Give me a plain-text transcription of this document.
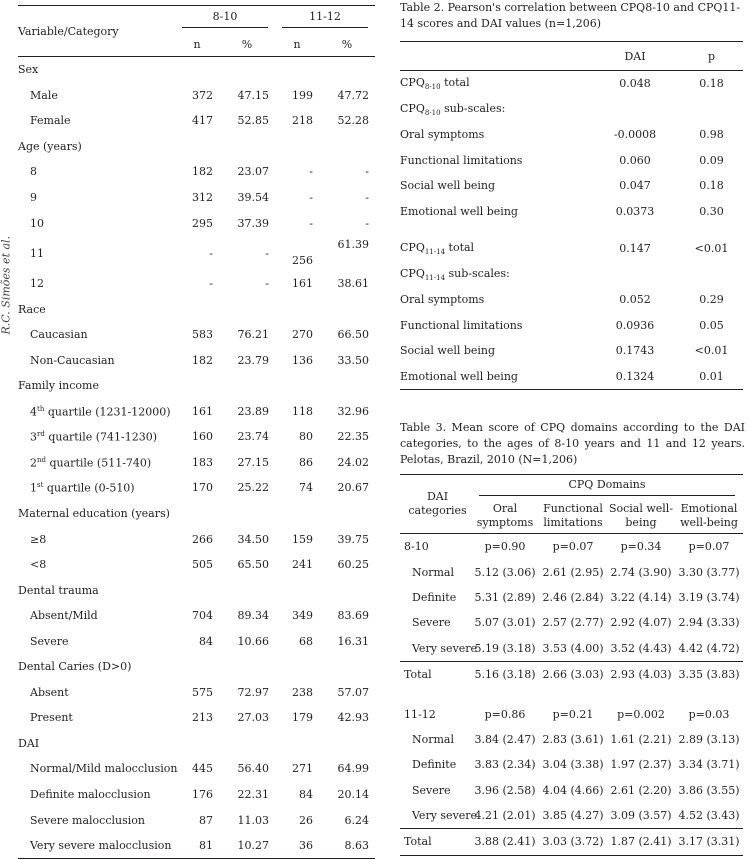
R.C. Simões et al.
Variable/Category	8-10		11-12	
	n	%	n	%
Sex				
Male	372	47.15	199	47.72
Female	417	52.85	218	52.28
Age (years)				
8	182	23.07	-	-
9	312	39.54	-	-
10	295	37.39	-	-
11	-	-	256	61.39
12	-	-	161	38.61
Race				
Caucasian	583	76.21	270	66.50
Non-Caucasian	182	23.79	136	33.50
Family income				
4th quartile (1231-12000)	161	23.89	118	32.96
3rd quartile (741-1230)	160	23.74	80	22.35
2nd quartile (511-740)	183	27.15	86	24.02
1st quartile (0-510)	170	25.22	74	20.67
Maternal education (years)				
≥8	266	34.50	159	39.75
<8	505	65.50	241	60.25
Dental trauma				
Absent/Mild	704	89.34	349	83.69
Severe	84	10.66	68	16.31
Dental Caries (D>0)				
Absent	575	72.97	238	57.07
Present	213	27.03	179	42.93
DAI				
Normal/Mild malocclusion	445	56.40	271	64.99
Definite malocclusion	176	22.31	84	20.14
Severe malocclusion	87	11.03	26	6.24
Very severe malocclusion	81	10.27	36	8.63
Table 2. Pearson's correlation between CPQ8-10 and CPQ11-14 scores and DAI values (n=1,206)
	DAI	p
$CPQ_{8-10}$ total	0.048	0.18
$CPQ_{8-10}$ sub-scales:		
Oral symptoms	-0.0008	0.98
Functional limitations	0.060	0.09
Social well being	0.047	0.18
Emotional well being	0.0373	0.30

$CPQ_{11-14}$ total	0.147	<0.01
$CPQ_{11-14}$ sub-scales:		
Oral symptoms	0.052	0.29
Functional limitations	0.0936	0.05
Social well being	0.1743	<0.01
Emotional well being	0.1324	0.01
Table 3. Mean score of CPQ domains according to the DAI categories, to the ages of 8-10 years and 11 and 12 years. Pelotas, Brazil, 2010 (N=1,206)
DAI categories	CPQ Domains			
	Oral symptoms	Functional limitations	Social well-being	Emotional well-being
8-10	p=0.90	p=0.07	p=0.34	p=0.07
Normal	5.12 (3.06)	2.61 (2.95)	2.74 (3.90)	3.30 (3.77)
Definite	5.31 (2.89)	2.46 (2.84)	3.22 (4.14)	3.19 (3.74)
Severe	5.07 (3.01)	2.57 (2.77)	2.92 (4.07)	2.94 (3.33)
Very severe	5.19 (3.18)	3.53 (4.00)	3.52 (4.43)	4.42 (4.72)
Total	5.16 (3.18)	2.66 (3.03)	2.93 (4.03)	3.35 (3.83)

11-12	p=0.86	p=0.21	p=0.002	p=0.03
Normal	3.84 (2.47)	2.83 (3.61)	1.61 (2.21)	2.89 (3.13)
Definite	3.83 (2.34)	3.04 (3.38)	1.97 (2.37)	3.34 (3.71)
Severe	3.96 (2.58)	4.04 (4.66)	2.61 (2.20)	3.86 (3.55)
Very severe	4.21 (2.01)	3.85 (4.27)	3.09 (3.57)	4.52 (3.43)
Total	3.88 (2.41)	3.03 (3.72)	1.87 (2.41)	3.17 (3.31)
